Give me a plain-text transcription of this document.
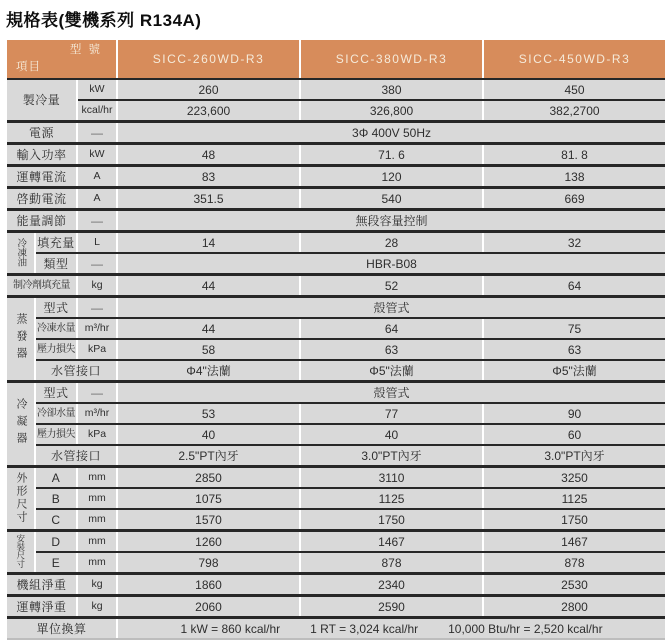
規格表(雙機系列 R134A)
型 號
項目			SICC-260WD-R3	SICC-380WD-R3	SICC-450WD-R3
製冷量		kW	260	380	450
		kcal/hr	223,600	326,800	382,2700
電源		—	3Φ 400V 50Hz		
輸入功率		kW	48	71. 6	81. 8
運轉電流		A	83	120	138
啓動電流		A	351.5	540	669
能量調節		—	無段容量控制		
冷凍油	填充量	L	14	28	32
	類型	—	HBR-B08		
制冷劑填充量		kg	44	52	64
蒸發器	型式	—	殻管式		
	冷凍水量	m³/hr	44	64	75
	壓力損失	kPa	58	63	63
	水管接口		Φ4"法蘭	Φ5"法蘭	Φ5"法蘭
冷凝器	型式	—	殻管式		
	冷卻水量	m³/hr	53	77	90
	壓力損失	kPa	40	40	60
	水管接口		2.5"PT內牙	3.0"PT內牙	3.0"PT內牙
外形尺寸	A	mm	2850	3110	3250
	B	mm	1075	1125	1125
	C	mm	1570	1750	1750
安裝尺寸	D	mm	1260	1467	1467
	E	mm	798	878	878
機組淨重		kg	1860	2340	2530
運轉淨重		kg	2060	2590	2800
單位換算			1 kW = 860 kcal/hr 1 RT = 3,024 kcal/hr 10,000 Btu/hr = 2,520 kcal/hr		
